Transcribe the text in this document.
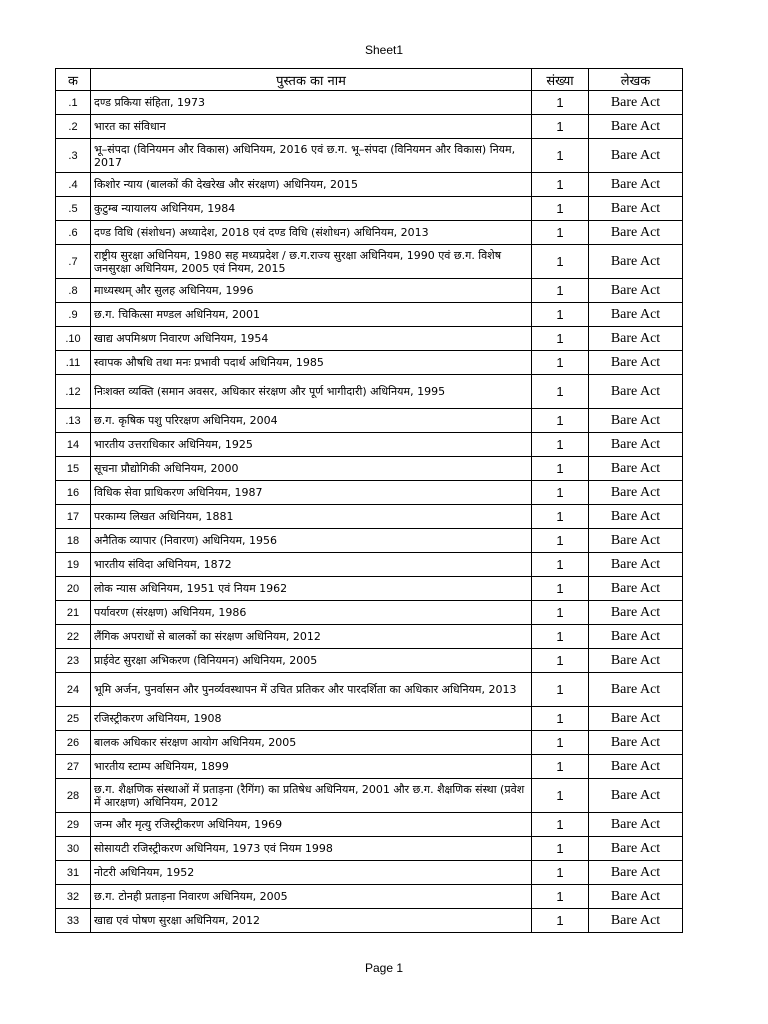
Sheet1
क	पुस्तक का नाम	संख्या	लेखक
.1	दण्ड प्रकिया संहिता, 1973	1	Bare Act
.2	भारत का संविधान	1	Bare Act
.3	भू–संपदा (विनियमन और विकास) अधिनियम, 2016 एवं छ.ग. भू–संपदा (विनियमन और विकास) नियम, 2017	1	Bare Act
.4	किशोर न्याय (बालकों की देखरेख और संरक्षण) अधिनियम, 2015	1	Bare Act
.5	कुटुम्ब न्यायालय अधिनियम, 1984	1	Bare Act
.6	दण्ड विधि (संशोधन) अध्यादेश, 2018 एवं दण्ड विधि (संशोधन) अधिनियम, 2013	1	Bare Act
.7	राष्ट्रीय सुरक्षा अधिनियम, 1980 सह मध्यप्रदेश / छ.ग.राज्य सुरक्षा अधिनियम, 1990 एवं छ.ग. विशेष जनसुरक्षा अधिनियम, 2005 एवं नियम, 2015	1	Bare Act
.8	माध्यस्थम् और सुलह अधिनियम, 1996	1	Bare Act
.9	छ.ग. चिकित्सा मण्डल अधिनियम, 2001	1	Bare Act
.10	खाद्य अपमिश्रण निवारण अधिनियम, 1954	1	Bare Act
.11	स्वापक औषधि तथा मनः प्रभावी पदार्थ अधिनियम, 1985	1	Bare Act
.12	निःशक्त व्यक्ति (समान अवसर, अधिकार संरक्षण और पूर्ण भागीदारी) अधिनियम, 1995	1	Bare Act
.13	छ.ग. कृषिक पशु परिरक्षण अधिनियम, 2004	1	Bare Act
14	भारतीय उत्तराधिकार अधिनियम, 1925	1	Bare Act
15	सूचना प्रौद्योगिकी अधिनियम, 2000	1	Bare Act
16	विधिक सेवा प्राधिकरण अधिनियम, 1987	1	Bare Act
17	परकाम्य लिखत अधिनियम, 1881	1	Bare Act
18	अनैतिक व्यापार (निवारण) अधिनियम, 1956	1	Bare Act
19	भारतीय संविदा अधिनियम, 1872	1	Bare Act
20	लोक न्यास अधिनियम, 1951 एवं नियम 1962	1	Bare Act
21	पर्यावरण (संरक्षण) अधिनियम, 1986	1	Bare Act
22	लैंगिक अपराधों से बालकों का संरक्षण अधिनियम, 2012	1	Bare Act
23	प्राईवेट सुरक्षा अभिकरण (विनियमन) अधिनियम, 2005	1	Bare Act
24	भूमि अर्जन, पुनर्वासन और पुनर्व्यवस्थापन में उचित प्रतिकर और पारदर्शिता का अधिकार अधिनियम, 2013	1	Bare Act
25	रजिस्ट्रीकरण अधिनियम, 1908	1	Bare Act
26	बालक अधिकार संरक्षण आयोग अधिनियम, 2005	1	Bare Act
27	भारतीय स्टाम्प अधिनियम, 1899	1	Bare Act
28	छ.ग. शैक्षणिक संस्थाओं में प्रताड़ना (रैगिंग) का प्रतिषेध अधिनियम, 2001 और छ.ग. शैक्षणिक संस्था (प्रवेश में आरक्षण) अधिनियम, 2012	1	Bare Act
29	जन्म और मृत्यु रजिस्ट्रीकरण अधिनियम, 1969	1	Bare Act
30	सोसायटी रजिस्ट्रीकरण अधिनियम, 1973 एवं नियम 1998	1	Bare Act
31	नोटरी अधिनियम, 1952	1	Bare Act
32	छ.ग. टोनही प्रताड़ना निवारण अधिनियम, 2005	1	Bare Act
33	खाद्य एवं पोषण सुरक्षा अधिनियम, 2012	1	Bare Act
Page 1
